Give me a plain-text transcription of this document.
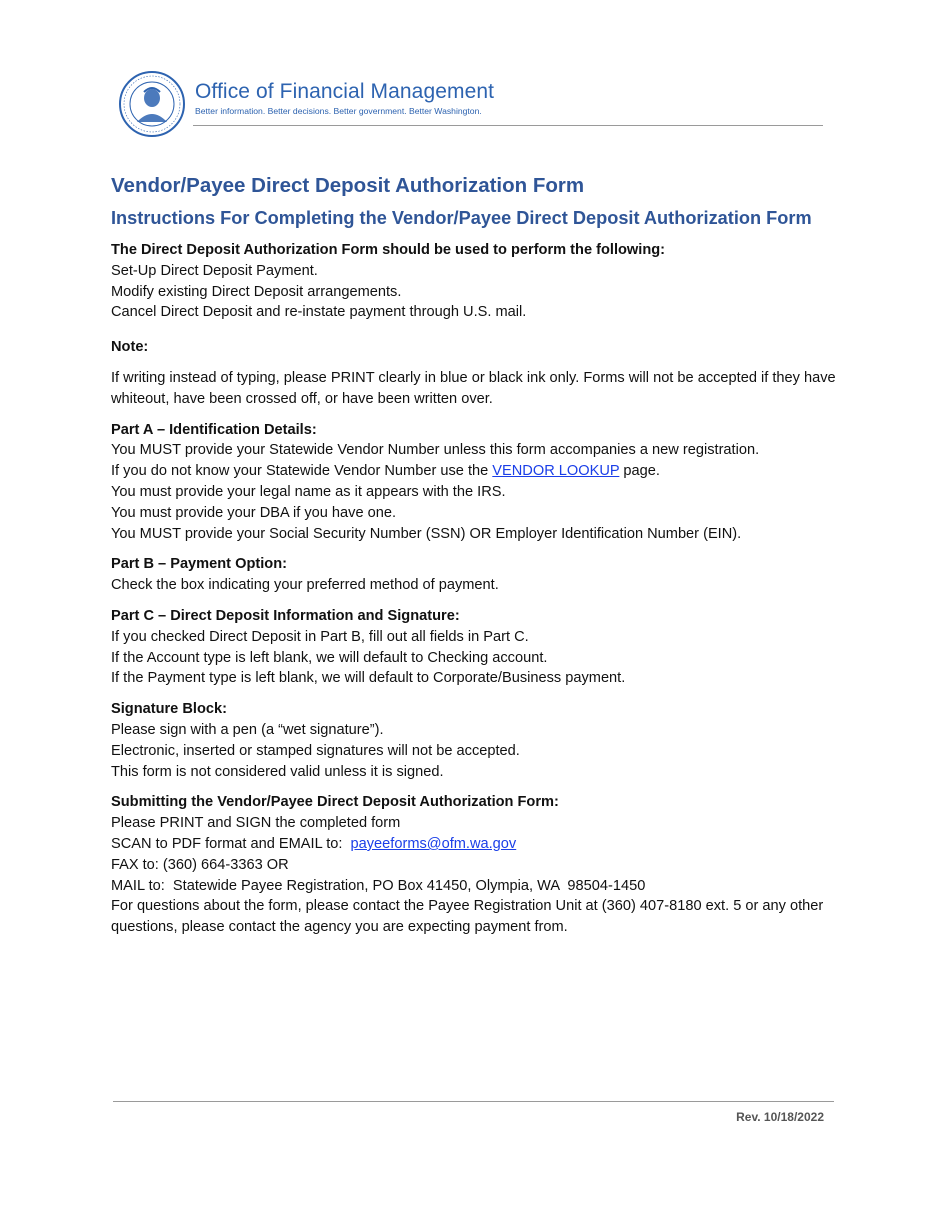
Office of Financial Management
Better information. Better decisions. Better government. Better Washington.
Vendor/Payee Direct Deposit Authorization Form
Instructions For Completing the Vendor/Payee Direct Deposit Authorization Form

The Direct Deposit Authorization Form should be used to perform the following:

Set-Up Direct Deposit Payment.

Modify existing Direct Deposit arrangements.

Cancel Direct Deposit and re-instate payment through U.S. mail.

Note:

If writing instead of typing, please PRINT clearly in blue or black ink only. Forms will not be accepted if they have whiteout, have been crossed off, or have been written over.

Part A – Identification Details:

You MUST provide your Statewide Vendor Number unless this form accompanies a new registration.

If you do not know your Statewide Vendor Number use the VENDOR LOOKUP page.

You must provide your legal name as it appears with the IRS.

You must provide your DBA if you have one.

You MUST provide your Social Security Number (SSN) OR Employer Identification Number (EIN).

Part B – Payment Option:

Check the box indicating your preferred method of payment.

Part C – Direct Deposit Information and Signature:

If you checked Direct Deposit in Part B, fill out all fields in Part C.

If the Account type is left blank, we will default to Checking account.

If the Payment type is left blank, we will default to Corporate/Business payment.

Signature Block:

Please sign with a pen (a “wet signature”).

Electronic, inserted or stamped signatures will not be accepted.

This form is not considered valid unless it is signed.

Submitting the Vendor/Payee Direct Deposit Authorization Form:

Please PRINT and SIGN the completed form

SCAN to PDF format and EMAIL to:  payeeforms@ofm.wa.gov

FAX to: (360) 664-3363 OR

MAIL to:  Statewide Payee Registration, PO Box 41450, Olympia, WA  98504-1450

For questions about the form, please contact the Payee Registration Unit at (360) 407-8180 ext. 5 or any other questions, please contact the agency you are expecting payment from.

Rev. 10/18/2022
